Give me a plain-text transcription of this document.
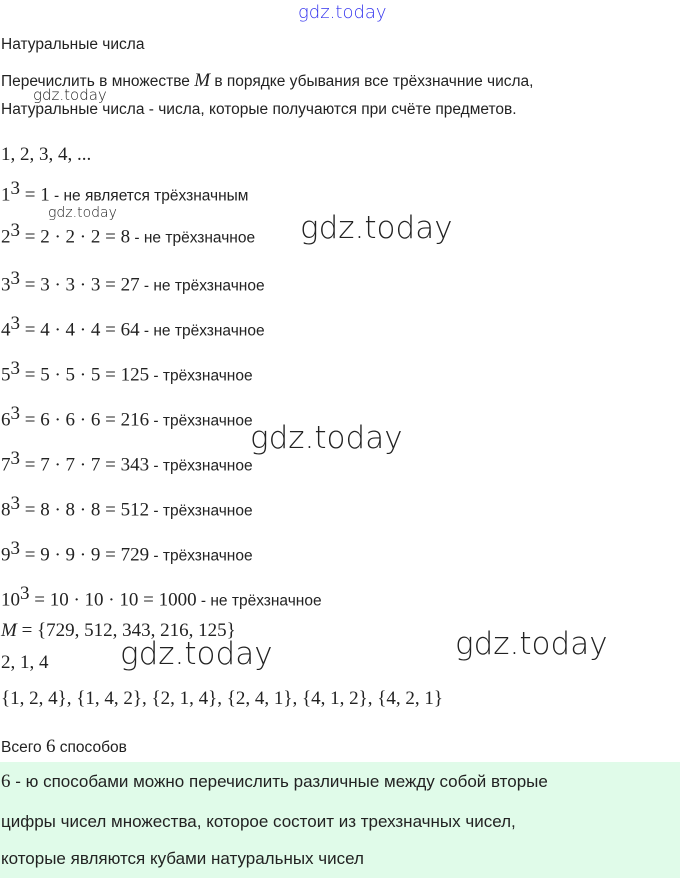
gdz.today
gdz.today
gdz.today	gdz.today
gdz.today
gdz.today	gdz.today
Натуральные числа
Перечислить в множестве M в порядке убывания все трёхзначние числа,
Натуральные числа - числа, которые получаются при счёте предметов.
1, 2, 3, 4, ...
$1^3 = 1$ - не является трёхзначным
$2^3 = 2 \cdot 2 \cdot 2 = 8$ - не трёхзначное
$3^3 = 3 \cdot 3 \cdot 3 = 27$ - не трёхзначное
$4^3 = 4 \cdot 4 \cdot 4 = 64$ - не трёхзначное
$5^3 = 5 \cdot 5 \cdot 5 = 125$ - трёхзначное
$6^3 = 6 \cdot 6 \cdot 6 = 216$ - трёхзначное
$7^3 = 7 \cdot 7 \cdot 7 = 343$ - трёхзначное
$8^3 = 8 \cdot 8 \cdot 8 = 512$ - трёхзначное
$9^3 = 9 \cdot 9 \cdot 9 = 729$ - трёхзначное
$10^3 = 10 \cdot 10 \cdot 10 = 1000$ - не трёхзначное
M = {729, 512, 343, 216, 125}
2, 1, 4
{1, 2, 4}, {1, 4, 2}, {2, 1, 4}, {2, 4, 1}, {4, 1, 2}, {4, 2, 1}
Всего 6 способов
6 - ю способами можно перечислить различные между собой вторые
цифры чисел множества, которое состоит из трехзначных чисел,
которые являются кубами натуральных чисел
